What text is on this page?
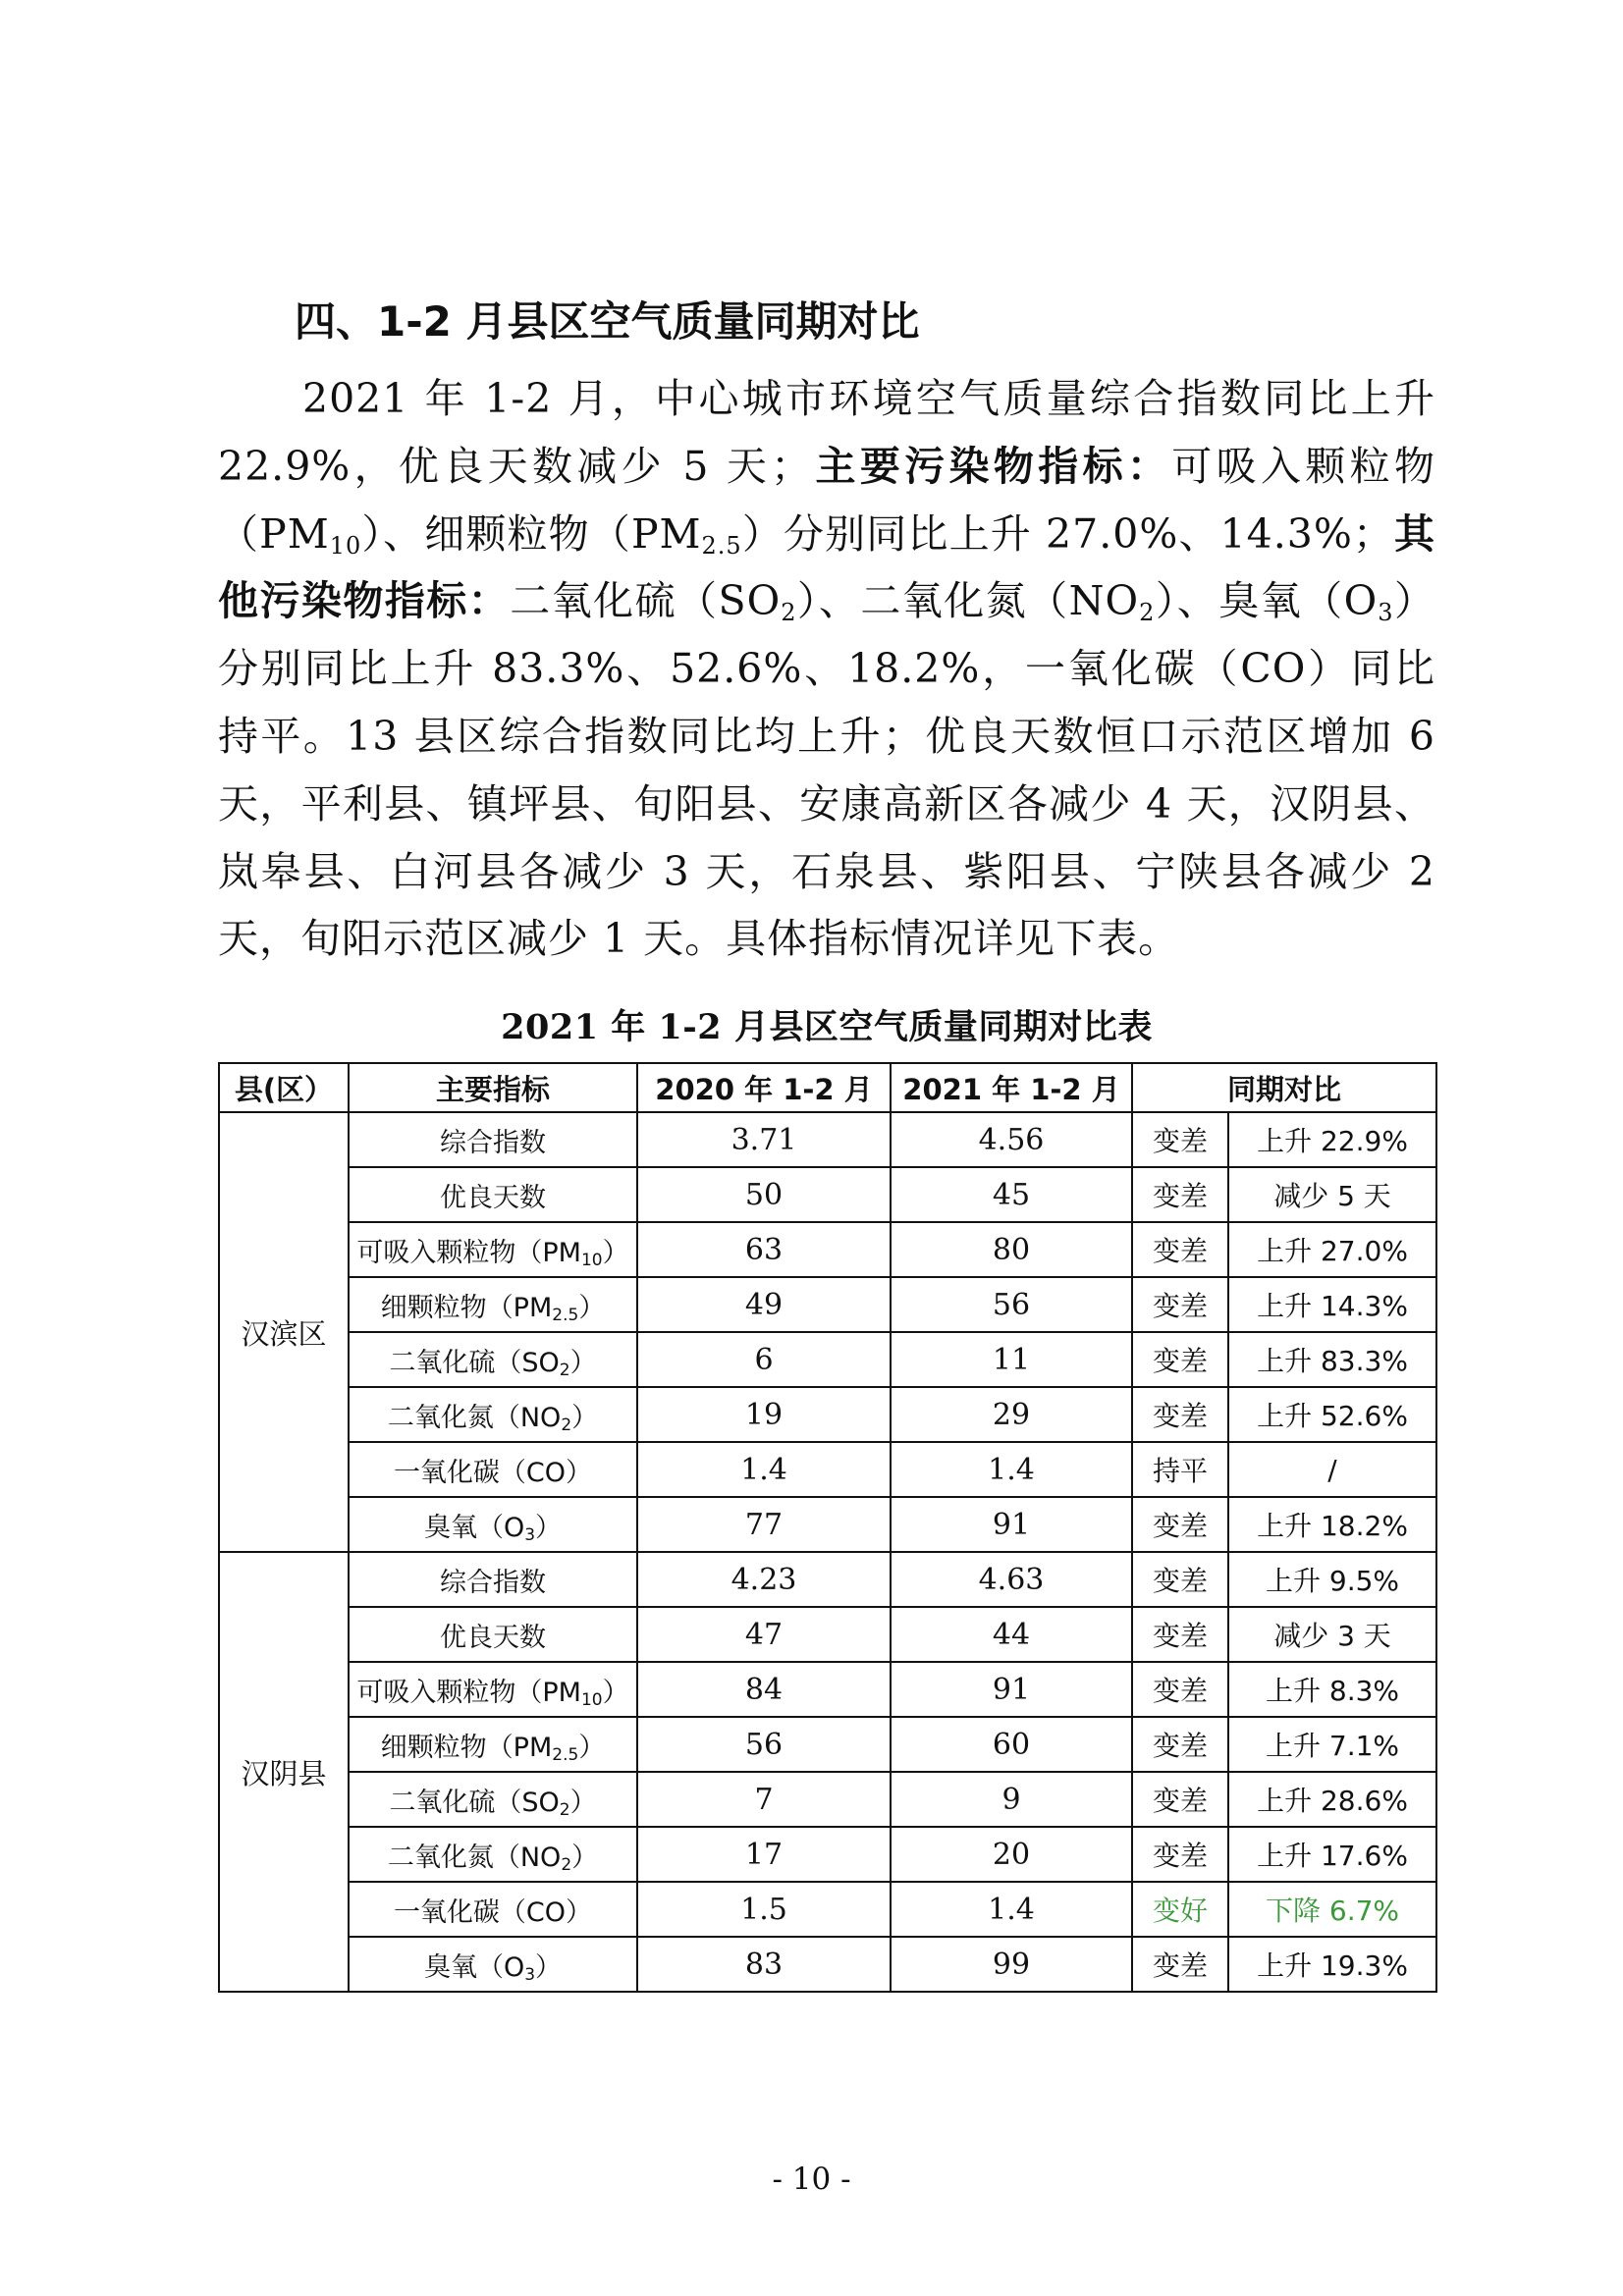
四、1-2 月县区空气质量同期对比
2021 年 1-2 月，中心城市环境空气质量综合指数同比上升 22.9%，优良天数减少 5 天；主要污染物指标：可吸入颗粒物$(PM_{10})$、细颗粒物$(PM_{2.5})$分别同比上升 27.0%、14.3%；其他污染物指标：二氧化硫$(SO_2)$、二氧化氮$(NO_2)$、臭氧$(O_3)$分别同比上升 83.3%、52.6%、18.2%，一氧化碳（CO）同比持平。13 县区综合指数同比均上升；优良天数恒口示范区增加 6 天，平利县、镇坪县、旬阳县、安康高新区各减少 4 天，汉阴县、岚皋县、白河县各减少 3 天，石泉县、紫阳县、宁陕县各减少 2 天，旬阳示范区减少 1 天。具体指标情况详见下表。
2021 年 1-2 月县区空气质量同期对比表
县(区）	主要指标	2020 年 1-2 月	2021 年 1-2 月	同期对比	
汉滨区	综合指数	3.71	4.56	变差	上升 22.9%
	优良天数	50	45	变差	减少 5 天
	可吸入颗粒物$(PM_{10})$	63	80	变差	上升 27.0%
	细颗粒物$(PM_{2.5})$	49	56	变差	上升 14.3%
	二氧化硫$(SO_2)$	6	11	变差	上升 83.3%
	二氧化氮$(NO_2)$	19	29	变差	上升 52.6%
	一氧化碳（CO）	1.4	1.4	持平	/
	臭氧$(O_3)$	77	91	变差	上升 18.2%
汉阴县	综合指数	4.23	4.63	变差	上升 9.5%
	优良天数	47	44	变差	减少 3 天
	可吸入颗粒物$(PM_{10})$	84	91	变差	上升 8.3%
	细颗粒物$(PM_{2.5})$	56	60	变差	上升 7.1%
	二氧化硫$(SO_2)$	7	9	变差	上升 28.6%
	二氧化氮$(NO_2)$	17	20	变差	上升 17.6%
	一氧化碳（CO）	1.5	1.4	变好	下降 6.7%
	臭氧$(O_3)$	83	99	变差	上升 19.3%
- 10 -
